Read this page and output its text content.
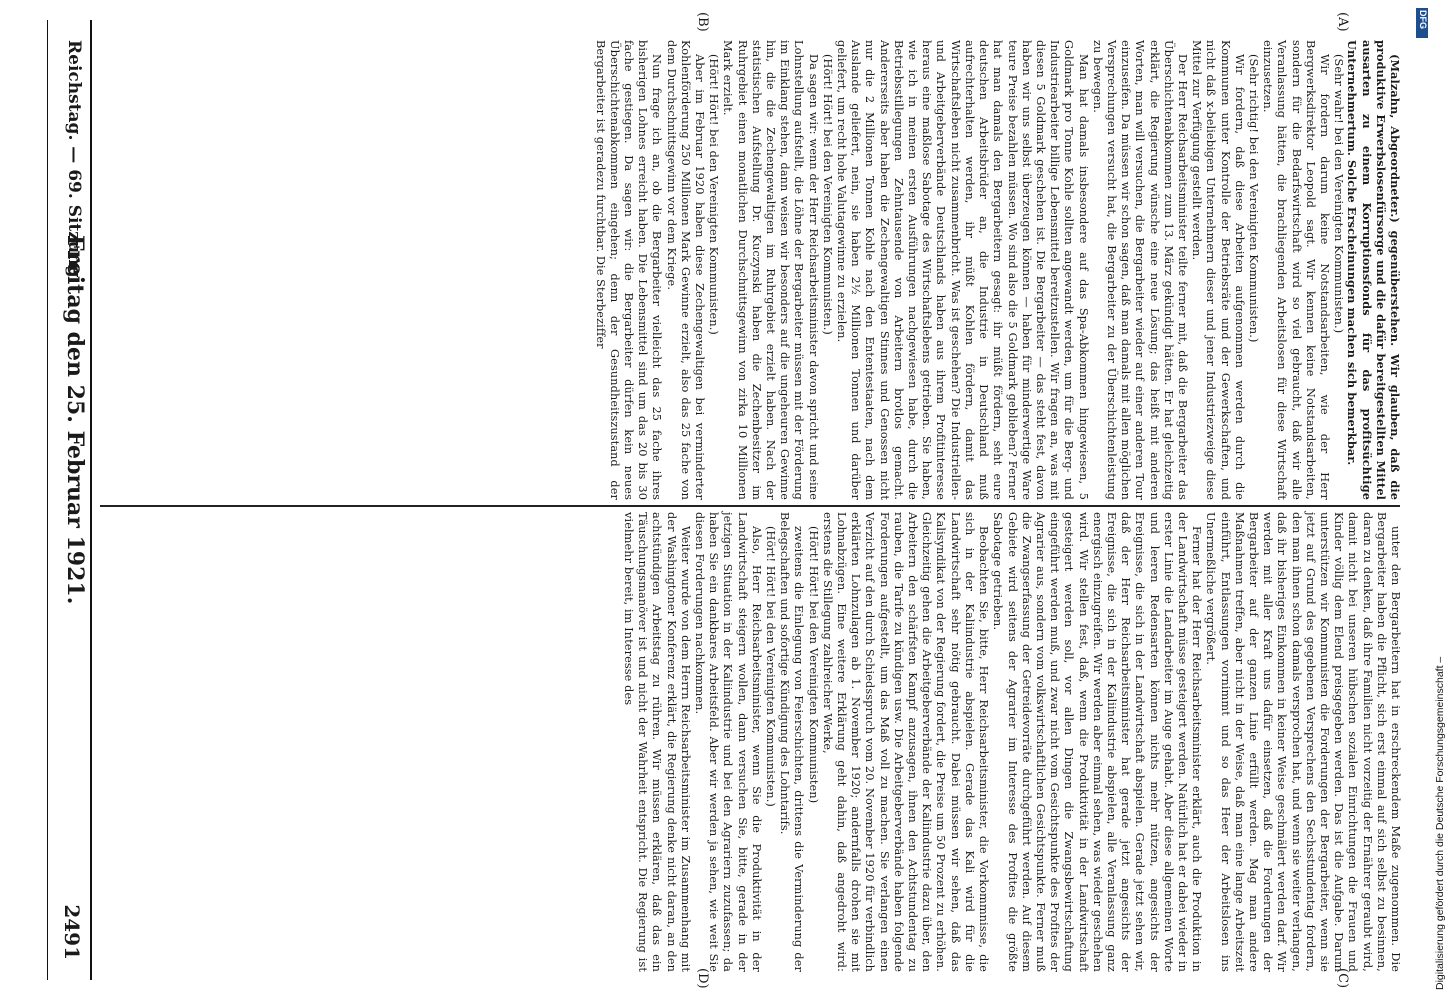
(A)
(B)
(C)
(D)

(Malzahn, Abgeordneter.) gegenüberstehen. Wir glauben, daß die produktive Erwerbslosenfürsorge und die dafür bereitgestellten Mittel ausarten zu einem Korruptionsfonds für das profitsüchtige Unternehmertum. Solche Erscheinungen machen sich bemerkbar.

(Sehr wahr! bei den Vereinigten Kommunisten.)

Wir fordern darum keine Notstandsarbeiten, wie der Herr Bergwerksdirektor Leopold sagt. Wir kennen keine Notstandsarbeiten, sondern für die Bedarfswirtschaft wird so viel gebraucht, daß wir alle Veranlassung hätten, die brachliegenden Arbeitslosen für diese Wirtschaft einzusetzen.

(Sehr richtig! bei den Vereinigten Kommunisten.)

Wir fordern, daß diese Arbeiten aufgenommen werden durch die Kommunen unter Kontrolle der Betriebsräte und der Gewerkschaften, und nicht daß x-beliebigen Unternehmern dieser und jener Industriezweige diese Mittel zur Verfügung gestellt werden.

Der Herr Reichsarbeitsminister teilte ferner mit, daß die Bergarbeiter das Überschichtenabkommen zum 13. März gekündigt hätten. Er hat gleichzeitig erklärt, die Regierung wünsche eine neue Lösung; das heißt mit anderen Worten, man will versuchen, die Bergarbeiter wieder auf einer anderen Tour einzuseifen. Da müssen wir schon sagen, daß man damals mit allen möglichen Versprechungen versucht hat, die Bergarbeiter zu der Überschichtenleistung zu bewegen.

Man hat damals insbesondere auf das Spa-Abkommen hingewiesen, 5 Goldmark pro Tonne Kohle sollten angewandt werden, um für die Berg- und Industriearbeiter billige Lebensmittel bereitzustellen. Wir fragen an, was mit diesen 5 Goldmark geschehen ist. Die Bergarbeiter — das steht fest, davon haben wir uns selbst überzeugen können — haben für minderwertige Ware teure Preise bezahlen müssen. Wo sind also die 5 Goldmark geblieben? Ferner hat man damals den Bergarbeitern gesagt: ihr müßt fördern, seht eure deutschen Arbeitsbrüder an, die Industrie in Deutschland muß aufrechterhalten werden, ihr müßt Kohlen fördern, damit das Wirtschaftsleben nicht zusammenbricht. Was ist geschehen? Die Industriellen- und Arbeitgeberverbände Deutschlands haben aus ihrem Profitinteresse heraus eine maßlose Sabotage des Wirtschaftslebens getrieben. Sie haben, wie ich in meinen ersten Ausführungen nachgewiesen habe, durch die Betriebsstillegungen Zehntausende von Arbeitern brotlos gemacht. Andererseits aber haben die Zechengewaltigen Stinnes und Genossen nicht nur die 2 Millionen Tonnen Kohle nach den Ententestaaten, nach dem Auslande geliefert, nein, sie haben 2½ Millionen Tonnen und darüber geliefert, um recht hohe Valutagewinne zu erzielen.

(Hört! Hört! bei den Vereinigten Kommunisten.)

Da sagen wir: wenn der Herr Reichsarbeitsminister davon spricht und seine Lohnstellung aufstellt, die Löhne der Bergarbeiter müssen mit der Förderung im Einklang stehen, dann weisen wir besonders auf die ungeheuren Gewinne hin, die die Zechengewaltigen im Ruhrgebiet erzielt haben. Nach der statistischen Aufstellung Dr. Kuczynski haben die Zechenbesitzer im Ruhrgebiet einen monatlichen Durchschnittsgewinn von zirka 10 Millionen Mark erzielt.

(Hört! Hört! bei den Vereinigten Kommunisten.)

Aber im Februar 1920 haben diese Zechengewaltigen bei verminderter Kohlenförderung 250 Millionen Mark Gewinne erzielt, also das 25 fache von dem Durchschnittsgewinn vor dem Kriege.

Nun frage ich an, ob die Bergarbeiter vielleicht das 25 fache ihres bisherigen Lohnes erreicht haben. Die Lebensmittel sind um das 20 bis 30 fache gestiegen. Da sagen wir: die Bergarbeiter dürfen kein neues Überschichtenabkommen eingehen; denn der Gesundheitszustand der Bergarbeiter ist geradezu furchtbar. Die Sterbeziffer

unter den Bergarbeitern hat in erschreckendem Maße zugenommen. Die Bergarbeiter haben die Pflicht, sich erst einmal auf sich selbst zu besinnen, daran zu denken, daß ihre Familien nicht vorzeitig der Ernährer geraubt wird, damit nicht bei unseren hübschen sozialen Einrichtungen die Frauen und Kinder völlig dem Elend preisgegeben werden. Das ist die Aufgabe. Darum unterstützen wir Kommunisten die Forderungen der Bergarbeiter, wenn sie jetzt auf Grund des gegebenen Versprechens den Sechsstundentag fordern, den man ihnen schon damals versprochen hat, und wenn sie weiter verlangen, daß ihr bisheriges Einkommen in keiner Weise geschmälert werden darf. Wir werden mit aller Kraft uns dafür einsetzen, daß die Forderungen der Bergarbeiter auf der ganzen Linie erfüllt werden. Mag man andere Maßnahmen treffen, aber nicht in der Weise, daß man eine lange Arbeitszeit einführt, Entlassungen vornimmt und so das Heer der Arbeitslosen ins Unermeßliche vergrößert.

Ferner hat der Herr Reichsarbeitsminister erklärt, auch die Produktion in der Landwirtschaft müsse gesteigert werden. Natürlich hat er dabei wieder in erster Linie die Landarbeiter im Auge gehabt. Aber diese allgemeinen Worte und leeren Redensarten können nichts mehr nützen, angesichts der Ereignisse, die sich in der Landwirtschaft abspielen. Gerade jetzt sehen wir, daß der Herr Reichsarbeitsminister hat gerade jetzt angesichts der Ereignisse, die sich in der Kaliindustrie abspielen, alle Veranlassung ganz energisch einzugreifen. Wir werden aber einmal sehen, was wieder geschehen wird. Wir stellen fest, daß, wenn die Produktivität in der Landwirtschaft gesteigert werden soll, vor allen Dingen die Zwangsbewirtschaftung eingeführt werden muß, und zwar nicht vom Gesichtspunkte des Profites der Agrarier aus, sondern vom volkswirtschaftlichen Gesichtspunkte. Ferner muß die Zwangserfassung der Getreidevorräte durchgeführt werden. Auf diesem Gebiete wird seitens der Agrarier im Interesse des Profites die größte Sabotage getrieben.

Beobachten Sie, bitte, Herr Reichsarbeitsminister, die Vorkommnisse, die sich in der Kaliindustrie abspielen. Gerade das Kali wird für die Landwirtschaft sehr nötig gebraucht. Dabei müssen wir sehen, daß das Kalisyndikat von der Regierung fordert, die Preise um 50 Prozent zu erhöhen. Gleichzeitig gehen die Arbeitgeberverbände der Kaliindustrie dazu über, den Arbeitern den schärfsten Kampf anzusagen, ihnen den Achtstundentag zu rauben, die Tarife zu kündigen usw. Die Arbeitgeberverbände haben folgende Forderungen aufgestellt, um das Maß voll zu machen. Sie verlangen einen Verzicht auf den durch Schiedsspruch vom 20. November 1920 für verbindlich erklärten Lohnzulagen ab 1. November 1920; andernfalls drohen sie mit Lohnabzügen. Eine weitere Erklärung geht dahin, daß angedroht wird: erstens die Stillegung zahlreicher Werke,

(Hört! Hört! bei den Vereinigten Kommunisten)

zweitens die Einlegung von Feierschichten, drittens die Verminderung der Belegschaften und sofortige Kündigung des Lohntarifs.

(Hört! Hört! bei den Vereinigten Kommunisten.)

Also, Herr Reichsarbeitsminister, wenn Sie die Produktivität in der Landwirtschaft steigern wollen, dann versuchen Sie, bitte, gerade in der jetzigen Situation in der Kaliindustrie und bei den Agrariern zuzufassen; da haben Sie ein dankbares Arbeitsfeld. Aber wir werden ja sehen, wie weit Sie diesen Forderungen nachkommen.

Weiter wurde von dem Herrn Reichsarbeitsminister im Zusammenhang mit der Washingtoner Konferenz erklärt, die Regierung denke nicht daran, an den achtstündigen Arbeitstag zu rühren. Wir müssen erklären, daß das ein Täuschungsmanöver ist und nicht der Wahrheit entspricht. Die Regierung ist vielmehr bereit, im Interesse des

Reichstag. — 69. Sitzung.
Freitag den 25. Februar 1921.
2491
DFG
Digitalisierung gefördert durch die Deutsche Forschungsgemeinschaft –
